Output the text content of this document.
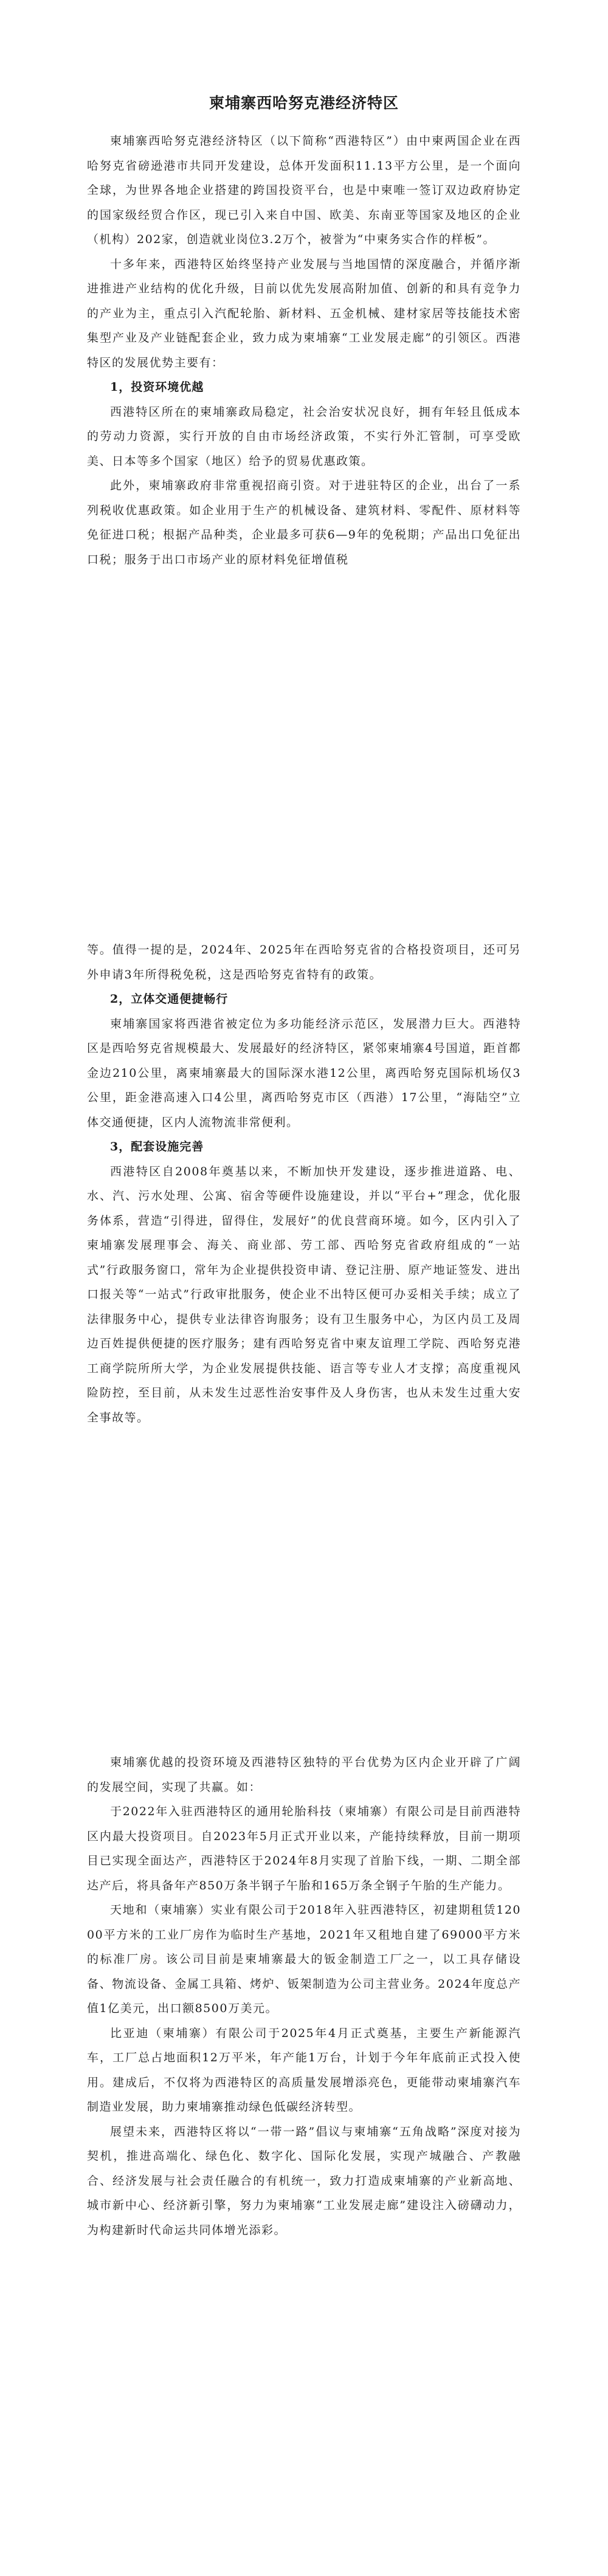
柬埔寨西哈努克港经济特区

柬埔寨西哈努克港经济特区（以下简称“西港特区”）由中柬两国企业在西哈努克省磅逊港市共同开发建设，总体开发面积11.13平方公里，是一个面向全球，为世界各地企业搭建的跨国投资平台，也是中柬唯一签订双边政府协定的国家级经贸合作区，现已引入来自中国、欧美、东南亚等国家及地区的企业（机构）202家，创造就业岗位3.2万个，被誉为“中柬务实合作的样板”。

十多年来，西港特区始终坚持产业发展与当地国情的深度融合，并循序渐进推进产业结构的优化升级，目前以优先发展高附加值、创新的和具有竞争力的产业为主，重点引入汽配轮胎、新材料、五金机械、建材家居等技能技术密集型产业及产业链配套企业，致力成为柬埔寨“工业发展走廊”的引领区。西港特区的发展优势主要有：

1，投资环境优越

西港特区所在的柬埔寨政局稳定，社会治安状况良好，拥有年轻且低成本的劳动力资源，实行开放的自由市场经济政策，不实行外汇管制，可享受欧美、日本等多个国家（地区）给予的贸易优惠政策。

此外，柬埔寨政府非常重视招商引资。对于进驻特区的企业，出台了一系列税收优惠政策。如企业用于生产的机械设备、建筑材料、零配件、原材料等免征进口税；根据产品种类，企业最多可获6—9年的免税期；产品出口免征出口税；服务于出口市场产业的原材料免征增值税

等。值得一提的是，2024年、2025年在西哈努克省的合格投资项目，还可另外申请3年所得税免税，这是西哈努克省特有的政策。

2，立体交通便捷畅行

柬埔寨国家将西港省被定位为多功能经济示范区，发展潜力巨大。西港特区是西哈努克省规模最大、发展最好的经济特区，紧邻柬埔寨4号国道，距首都金边210公里，离柬埔寨最大的国际深水港12公里，离西哈努克国际机场仅3公里，距金港高速入口4公里，离西哈努克市区（西港）17公里，“海陆空”立体交通便捷，区内人流物流非常便利。

3，配套设施完善

西港特区自2008年奠基以来，不断加快开发建设，逐步推进道路、电、水、汽、污水处理、公寓、宿舍等硬件设施建设，并以“平台+”理念，优化服务体系，营造“引得进，留得住，发展好”的优良营商环境。如今，区内引入了柬埔寨发展理事会、海关、商业部、劳工部、西哈努克省政府组成的“一站式”行政服务窗口，常年为企业提供投资申请、登记注册、原产地证签发、进出口报关等“一站式”行政审批服务，使企业不出特区便可办妥相关手续；成立了法律服务中心，提供专业法律咨询服务；设有卫生服务中心，为区内员工及周边百姓提供便捷的医疗服务；建有西哈努克省中柬友谊理工学院、西哈努克港工商学院所所大学，为企业发展提供技能、语言等专业人才支撑；高度重视风险防控，至目前，从未发生过恶性治安事件及人身伤害，也从未发生过重大安全事故等。

柬埔寨优越的投资环境及西港特区独特的平台优势为区内企业开辟了广阔的发展空间，实现了共赢。如：

于2022年入驻西港特区的通用轮胎科技（柬埔寨）有限公司是目前西港特区内最大投资项目。自2023年5月正式开业以来，产能持续释放，目前一期项目已实现全面达产，西港特区于2024年8月实现了首胎下线，一期、二期全部达产后，将具备年产850万条半钢子午胎和165万条全钢子午胎的生产能力。

天地和（柬埔寨）实业有限公司于2018年入驻西港特区，初建期租赁12000平方米的工业厂房作为临时生产基地，2021年又租地自建了69000平方米的标准厂房。该公司目前是柬埔寨最大的钣金制造工厂之一，以工具存储设备、物流设备、金属工具箱、烤炉、钣架制造为公司主营业务。2024年度总产值1亿美元，出口额8500万美元。

比亚迪（柬埔寨）有限公司于2025年4月正式奠基，主要生产新能源汽车，工厂总占地面积12万平米，年产能1万台，计划于今年年底前正式投入使用。建成后，不仅将为西港特区的高质量发展增添亮色，更能带动柬埔寨汽车制造业发展，助力柬埔寨推动绿色低碳经济转型。

展望未来，西港特区将以“一带一路”倡议与柬埔寨“五角战略”深度对接为契机，推进高端化、绿色化、数字化、国际化发展，实现产城融合、产教融合、经济发展与社会责任融合的有机统一，致力打造成柬埔寨的产业新高地、城市新中心、经济新引擎，努力为柬埔寨“工业发展走廊”建设注入磅礴动力，为构建新时代命运共同体增光添彩。
